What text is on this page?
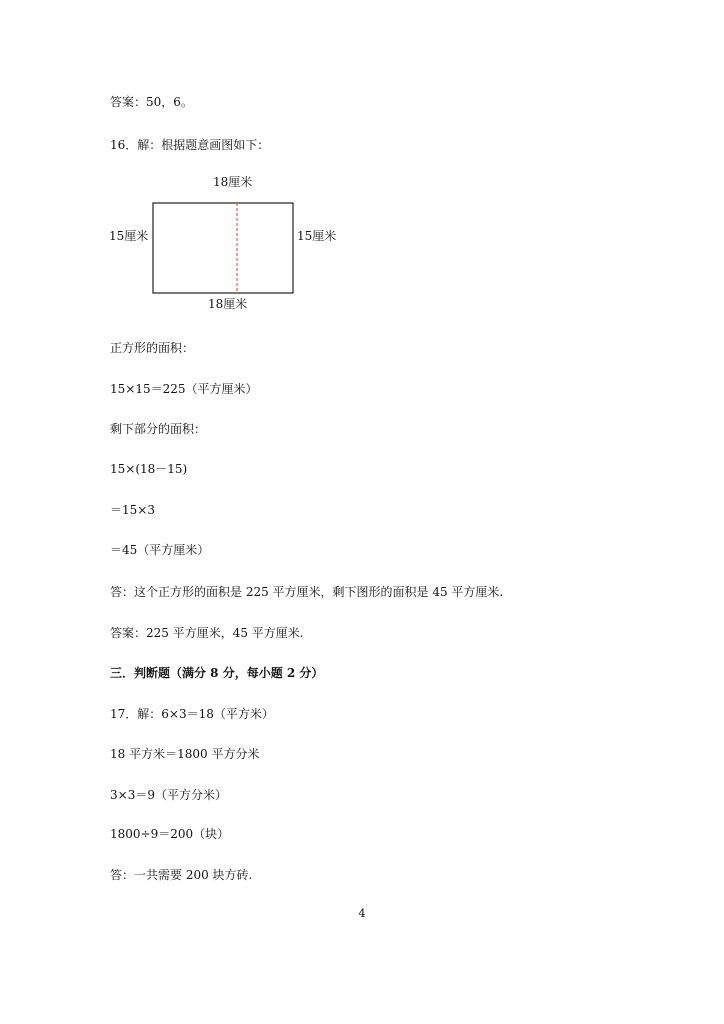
答案：50，6。
16．解：根据题意画图如下：
18厘米
15厘米	15厘米
18厘米
正方形的面积：
15×15＝225（平方厘米）
剩下部分的面积：
15×(18－15)
＝15×3
＝45（平方厘米）
答：这个正方形的面积是 225 平方厘米，剩下图形的面积是 45 平方厘米.
答案：225 平方厘米，45 平方厘米.
三．判断题（满分 8 分，每小题 2 分）
17．解：6×3＝18（平方米）
18 平方米＝1800 平方分米
3×3＝9（平方分米）
1800÷9＝200（块）
答：一共需要 200 块方砖.
4
